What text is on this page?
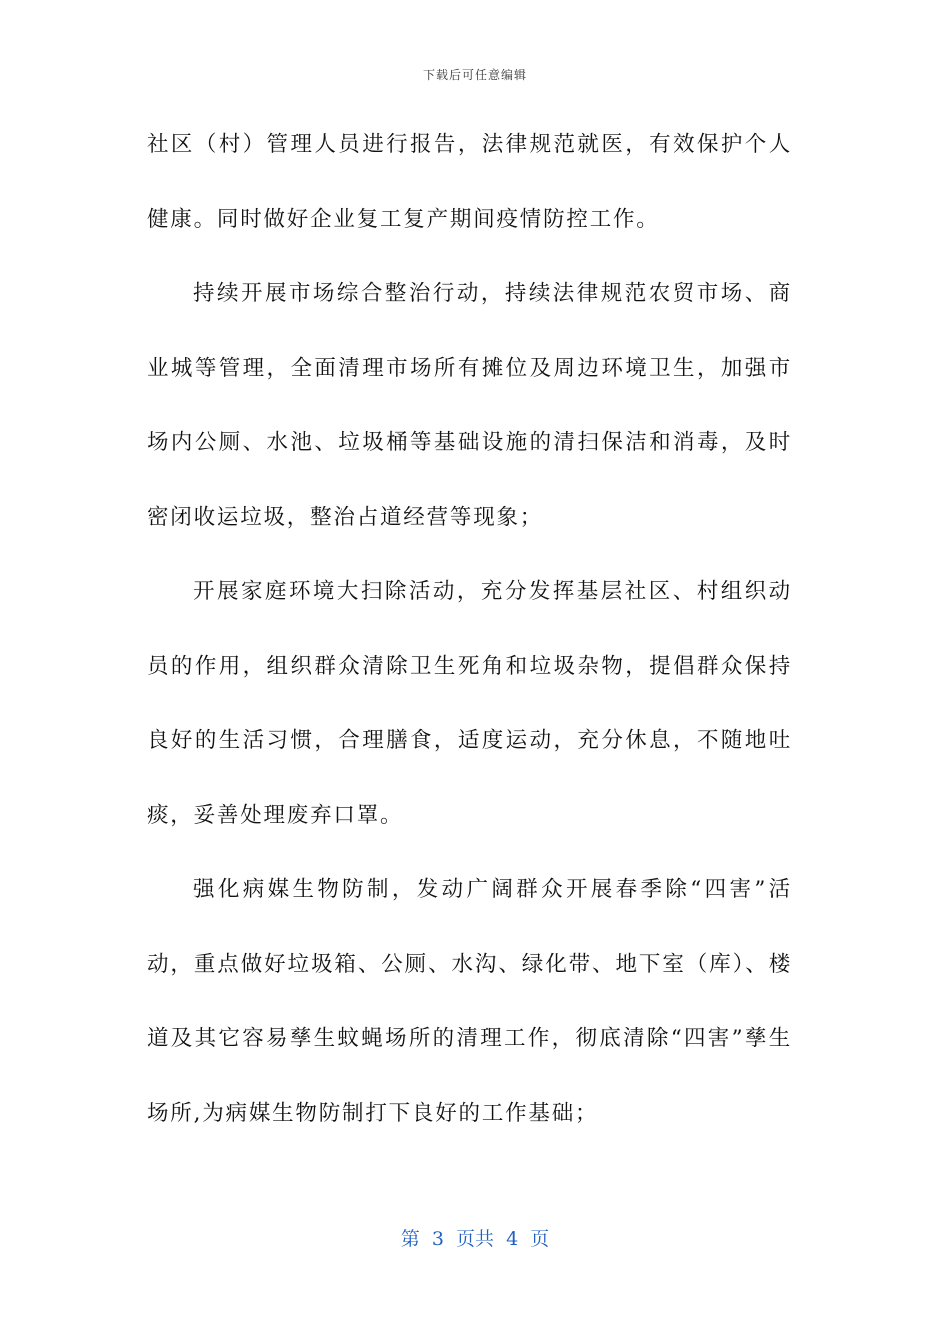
下载后可任意编辑

社区（村）管理人员进行报告，法律规范就医，有效保护个人健康。同时做好企业复工复产期间疫情防控工作。

持续开展市场综合整治行动，持续法律规范农贸市场、商业城等管理，全面清理市场所有摊位及周边环境卫生，加强市场内公厕、水池、垃圾桶等基础设施的清扫保洁和消毒，及时密闭收运垃圾，整治占道经营等现象；

开展家庭环境大扫除活动，充分发挥基层社区、村组织动员的作用，组织群众清除卫生死角和垃圾杂物，提倡群众保持良好的生活习惯，合理膳食，适度运动，充分休息，不随地吐痰，妥善处理废弃口罩。

强化病媒生物防制，发动广阔群众开展春季除“四害”活动，重点做好垃圾箱、公厕、水沟、绿化带、地下室（库）、楼道及其它容易孳生蚊蝇场所的清理工作，彻底清除“四害”孳生场所,为病媒生物防制打下良好的工作基础；

第  3  页共  4  页
